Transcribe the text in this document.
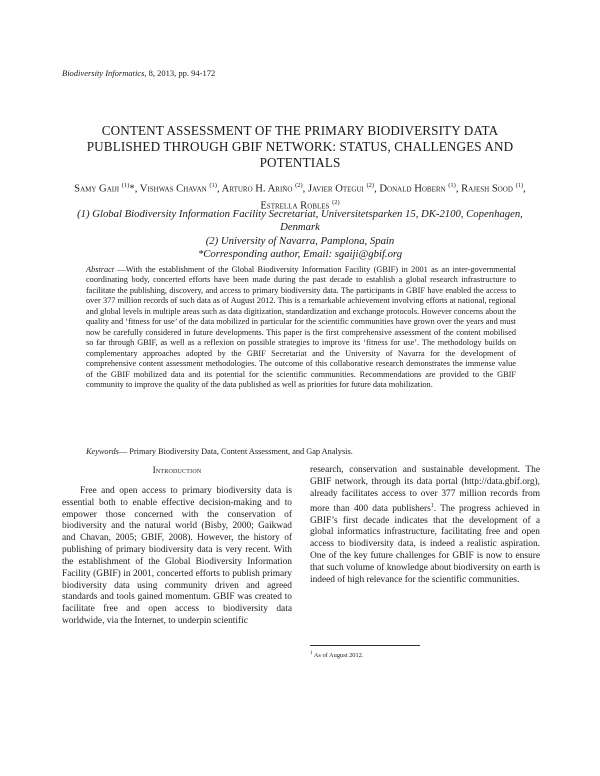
Biodiversity Informatics, 8, 2013, pp. 94-172
CONTENT ASSESSMENT OF THE PRIMARY BIODIVERSITY DATA PUBLISHED THROUGH GBIF NETWORK: STATUS, CHALLENGES AND POTENTIALS
Samy Gaiji $^{(1)}$*, Vishwas Chavan $^{(1)}$, Arturo H. Ariño $^{(2)}$, Javier Otegui $^{(2)}$, Donald Hobern $^{(1)}$, Rajesh Sood $^{(1)}$, Estrella Robles $^{(2)}$
(1) Global Biodiversity Information Facility Secretariat, Universitetsparken 15, DK-2100, Copenhagen, Denmark
(2) University of Navarra, Pamplona, Spain
*Corresponding author, Email: sgaiji@gbif.org
Abstract —With the establishment of the Global Biodiversity Information Facility (GBIF) in 2001 as an inter-governmental coordinating body, concerted efforts have been made during the past decade to establish a global research infrastructure to facilitate the publishing, discovery, and access to primary biodiversity data. The participants in GBIF have enabled the access to over 377 million records of such data as of August 2012. This is a remarkable achievement involving efforts at national, regional and global levels in multiple areas such as data digitization, standardization and exchange protocols. However concerns about the quality and ‘fitness for use’ of the data mobilized in particular for the scientific communities have grown over the years and must now be carefully considered in future developments. This paper is the first comprehensive assessment of the content mobilised so far through GBIF, as well as a reflexion on possible strategies to improve its ‘fitness for use’. The methodology builds on complementary approaches adopted by the GBIF Secretariat and the University of Navarra for the development of comprehensive content assessment methodologies. The outcome of this collaborative research demonstrates the immense value of the GBIF mobilized data and its potential for the scientific communities. Recommendations are provided to the GBIF community to improve the quality of the data published as well as priorities for future data mobilization.
Keywords— Primary Biodiversity Data, Content Assessment, and Gap Analysis.
Introduction

Free and open access to primary biodiversity data is essential both to enable effective decision-making and to empower those concerned with the conservation of biodiversity and the natural world (Bisby, 2000; Gaikwad and Chavan, 2005; GBIF, 2008). However, the history of publishing of primary biodiversity data is very recent. With the establishment of the Global Biodiversity Information Facility (GBIF) in 2001, concerted efforts to publish primary biodiversity data using community driven and agreed standards and tools gained momentum. GBIF was created to facilitate free and open access to biodiversity data worldwide, via the Internet, to underpin scientific

research, conservation and sustainable development. The GBIF network, through its data portal (http://data.gbif.org), already facilitates access to over 377 million records from more than 400 data publishers$^1$. The progress achieved in GBIF’s first decade indicates that the development of a global informatics infrastructure, facilitating free and open access to biodiversity data, is indeed a realistic aspiration. One of the key future challenges for GBIF is now to ensure that such volume of knowledge about biodiversity on earth is indeed of high relevance for the scientific communities.

$^1$ As of August 2012.
